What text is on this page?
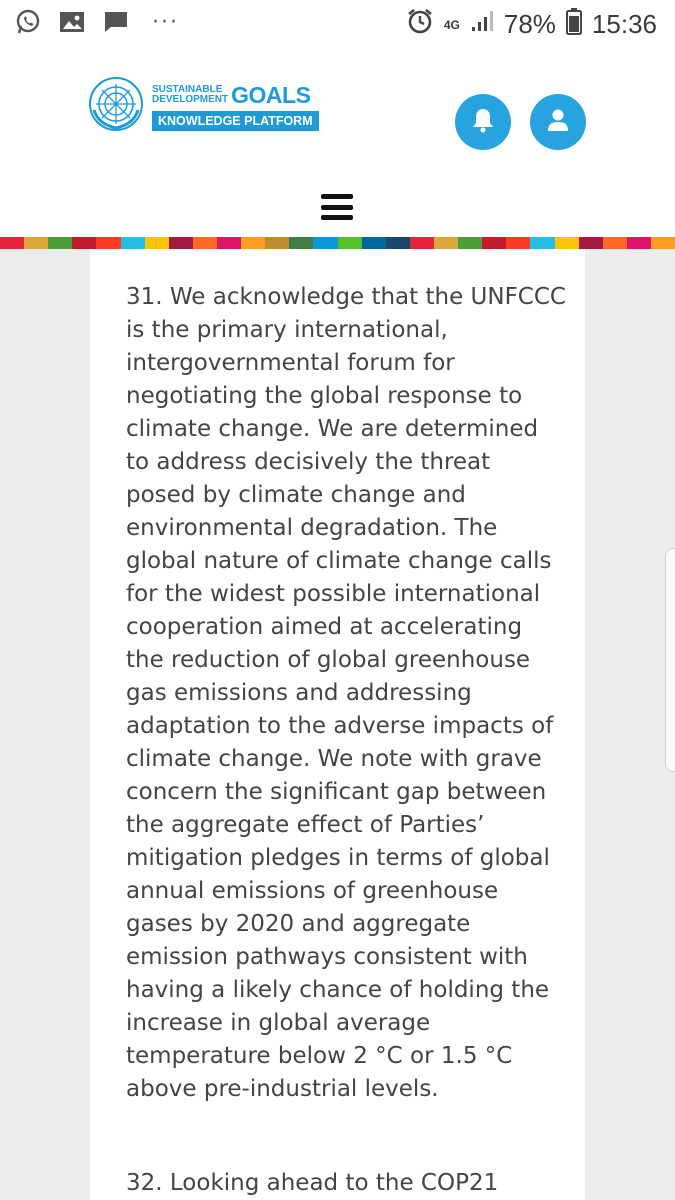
···	4G 78% 15:36
SUSTAINABLE
DEVELOPMENT GOALS
KNOWLEDGE PLATFORM

31. We acknowledge that the UNFCCC is the primary international, intergovernmental forum for negotiating the global response to climate change. We are determined to address decisively the threat posed by climate change and environmental degradation. The global nature of climate change calls for the widest possible international cooperation aimed at accelerating the reduction of global greenhouse gas emissions and addressing adaptation to the adverse impacts of climate change. We note with grave concern the significant gap between the aggregate effect of Parties’ mitigation pledges in terms of global annual emissions of greenhouse gases by 2020 and aggregate emission pathways consistent with having a likely chance of holding the increase in global average temperature below 2 °C or 1.5 °C above pre-industrial levels.

32. Looking ahead to the COP21
